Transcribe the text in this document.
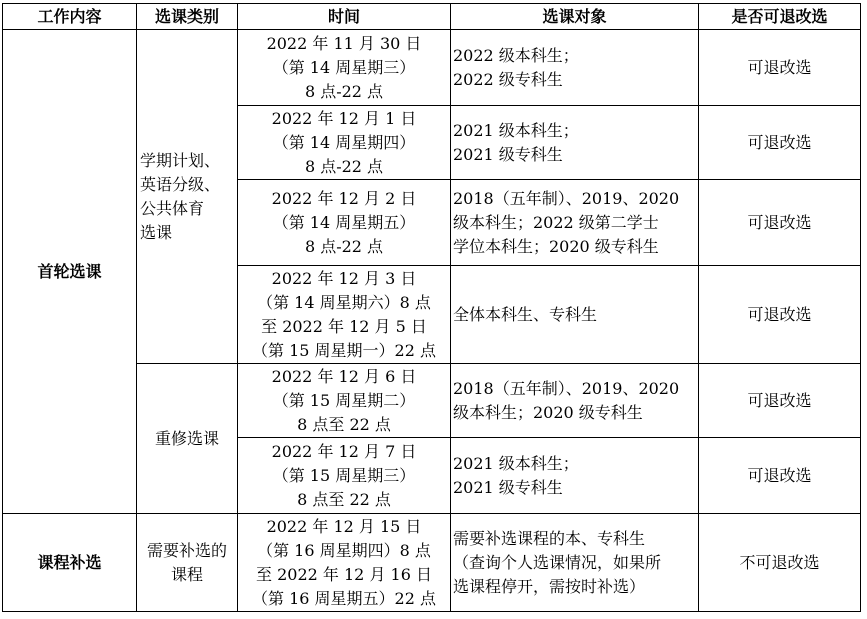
工作内容	选课类别	时间	选课对象	是否可退改选
首轮选课	学期计划、
英语分级、
公共体育
选课	2022 年 11 月 30 日
（第 14 周星期三）
8 点-22 点	2022 级本科生；
2022 级专科生	可退改选
		2022 年 12 月 1 日
（第 14 周星期四）
8 点-22 点	2021 级本科生；
2021 级专科生	可退改选
		2022 年 12 月 2 日
（第 14 周星期五）
8 点-22 点	2018（五年制）、2019、2020
级本科生；2022 级第二学士
学位本科生；2020 级专科生	可退改选
		2022 年 12 月 3 日
（第 14 周星期六）8 点
至 2022 年 12 月 5 日
（第 15 周星期一）22 点	全体本科生、专科生	可退改选
	重修选课	2022 年 12 月 6 日
（第 15 周星期二）
8 点至 22 点	2018（五年制）、2019、2020
级本科生；2020 级专科生	可退改选
		2022 年 12 月 7 日
（第 15 周星期三）
8 点至 22 点	2021 级本科生；
2021 级专科生	可退改选
课程补选	需要补选的
课程	2022 年 12 月 15 日
（第 16 周星期四）8 点
至 2022 年 12 月 16 日
（第 16 周星期五）22 点	需要补选课程的本、专科生
（查询个人选课情况，如果所
选课程停开，需按时补选）	不可退改选
